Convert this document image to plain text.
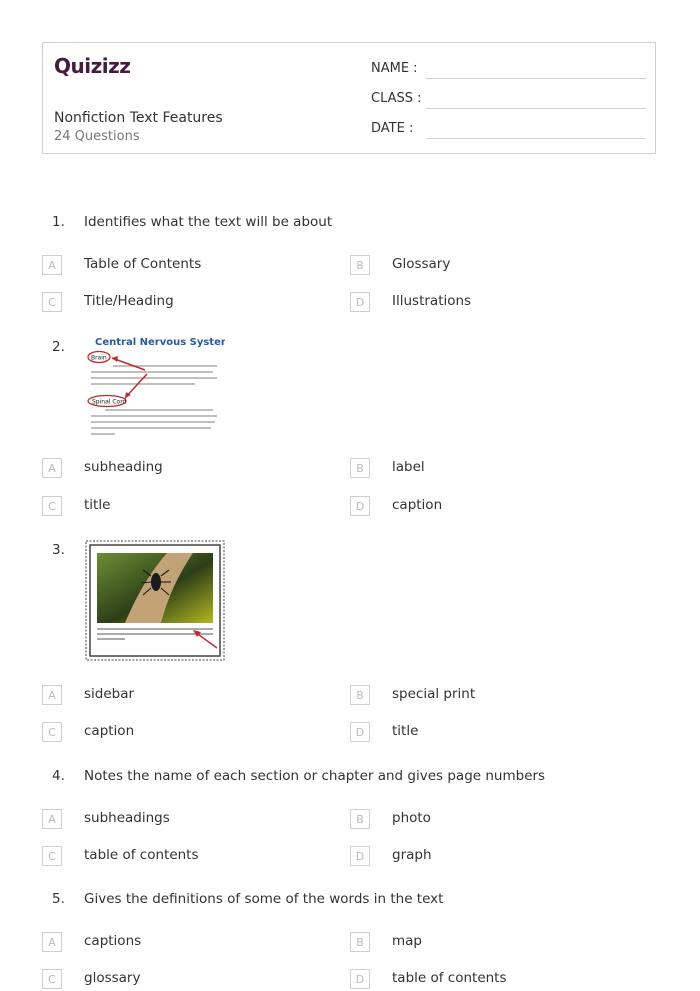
Quizizz
Nonfiction Text Features
24 Questions
NAME :
CLASS :
DATE :
1. Identifies what the text will be about
A	Table of Contents	B	Glossary
C	Title/Heading	D	Illustrations
2.	Central Nervous System
Brain
Spinal Cord
A	subheading	B	label
C	title	D	caption
3.
A	sidebar	B	special print
C	caption	D	title
4. Notes the name of each section or chapter and gives page numbers
A	subheadings	B	photo
C	table of contents	D	graph
5. Gives the definitions of some of the words in the text
A	captions	B	map
C	glossary	D	table of contents
